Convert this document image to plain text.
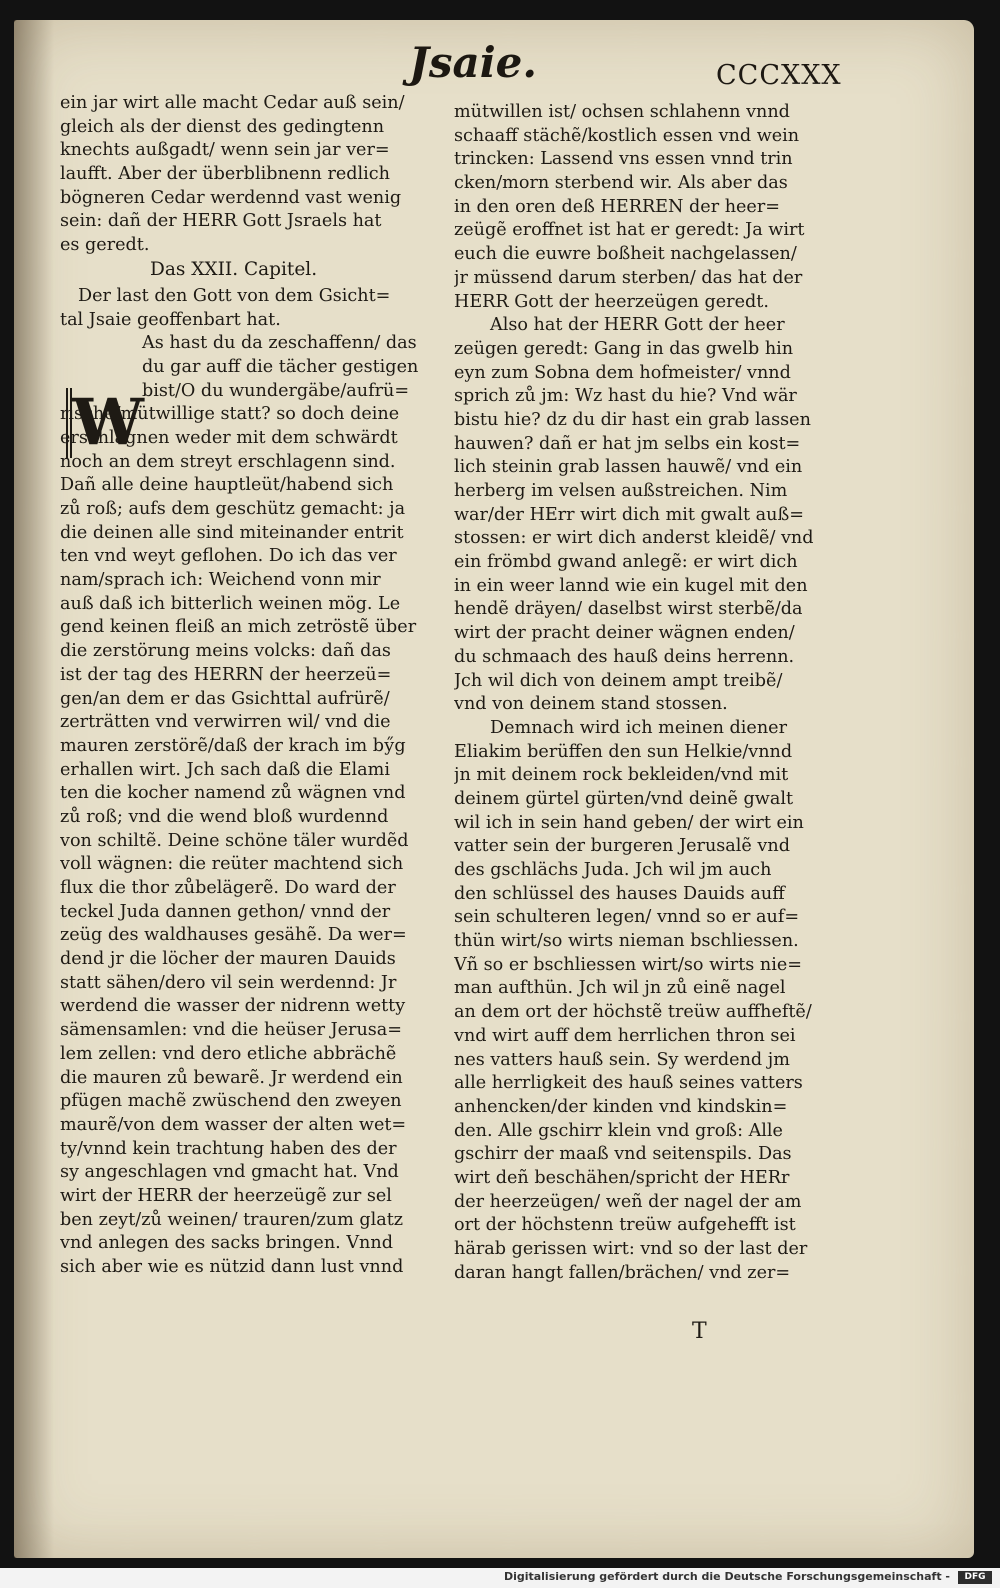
Jsaie.	CCCXXX
ein jar wirt alle macht Cedar auß sein/
gleich als der dienst des gedingtenn
knechts außgadt/ wenn sein jar ver=
laufft. Aber der überblibnenn redlich
bögneren Cedar werdennd vast wenig
sein: dañ der HERR Gott Jsraels hat
es geredt.
Das XXII. Capitel.
Der last den Gott von dem Gsicht=
tal Jsaie geoffenbart hat.
As hast du da zeschaffenn/ das
du gar auff die tächer gestigen
bist/O du wundergäbe/aufrü=
rische/mütwillige statt? so doch deine
erschlagnen weder mit dem schwärdt
noch an dem streyt erschlagenn sind.
Dañ alle deine hauptleüt/habend sich
zů roß; aufs dem geschütz gemacht: ja
die deinen alle sind miteinander entrit
ten vnd weyt geflohen. Do ich das ver
nam/sprach ich: Weichend vonn mir
auß daß ich bitterlich weinen mög. Le
gend keinen fleiß an mich zetröstẽ über
die zerstörung meins volcks: dañ das
ist der tag des HERRN der heerzeü=
gen/an dem er das Gsichttal aufrürẽ/
zerträtten vnd verwirren wil/ vnd die
mauren zerstörẽ/daß der krach im bӳg
erhallen wirt. Jch sach daß die Elami
ten die kocher namend zů wägnen vnd
zů roß; vnd die wend bloß wurdennd
von schiltẽ. Deine schöne täler wurdẽd
voll wägnen: die reüter machtend sich
flux die thor zůbelägerẽ. Do ward der
teckel Juda dannen gethon/ vnnd der
zeüg des waldhauses gesähẽ. Da wer=
dend jr die löcher der mauren Dauids
statt sähen/dero vil sein werdennd: Jr
werdend die wasser der nidrenn wetty
sämensamlen: vnd die heüser Jerusa=
lem zellen: vnd dero etliche abbrächẽ
die mauren zů bewarẽ. Jr werdend ein
pfügen machẽ zwüschend den zweyen
maurẽ/von dem wasser der alten wet=
ty/vnnd kein trachtung haben des der
sy angeschlagen vnd gmacht hat. Vnd
wirt der HERR der heerzeügẽ zur sel
ben zeyt/zů weinen/ trauren/zum glatz
vnd anlegen des sacks bringen. Vnnd
sich aber wie es nützid dann lust vnnd
W
mütwillen ist/ ochsen schlahenn vnnd
schaaff stächẽ/kostlich essen vnd wein
trincken: Lassend vns essen vnnd trin
cken/morn sterbend wir. Als aber das
in den oren deß HERREN der heer=
zeügẽ eroffnet ist hat er geredt: Ja wirt
euch die euwre boßheit nachgelassen/
jr müssend darum sterben/ das hat der
HERR Gott der heerzeügen geredt.
Also hat der HERR Gott der heer
zeügen geredt: Gang in das gwelb hin
eyn zum Sobna dem hofmeister/ vnnd
sprich zů jm: Wz hast du hie? Vnd wär
bistu hie? dz du dir hast ein grab lassen
hauwen? dañ er hat jm selbs ein kost=
lich steinin grab lassen hauwẽ/ vnd ein
herberg im velsen außstreichen. Nim
war/der HErr wirt dich mit gwalt auß=
stossen: er wirt dich anderst kleidẽ/ vnd
ein frömbd gwand anlegẽ: er wirt dich
in ein weer lannd wie ein kugel mit den
hendẽ dräyen/ daselbst wirst sterbẽ/da
wirt der pracht deiner wägnen enden/
du schmaach des hauß deins herrenn.
Jch wil dich von deinem ampt treibẽ/
vnd von deinem stand stossen.
Demnach wird ich meinen diener
Eliakim berüffen den sun Helkie/vnnd
jn mit deinem rock bekleiden/vnd mit
deinem gürtel gürten/vnd deinẽ gwalt
wil ich in sein hand geben/ der wirt ein
vatter sein der burgeren Jerusalẽ vnd
des gschlächs Juda. Jch wil jm auch
den schlüssel des hauses Dauids auff
sein schulteren legen/ vnnd so er auf=
thün wirt/so wirts nieman bschliessen.
Vñ so er bschliessen wirt/so wirts nie=
man aufthün. Jch wil jn zů einẽ nagel
an dem ort der höchstẽ treüw auffheftẽ/
vnd wirt auff dem herrlichen thron sei
nes vatters hauß sein. Sy werdend jm
alle herrligkeit des hauß seines vatters
anhencken/der kinden vnd kindskin=
den. Alle gschirr klein vnd groß: Alle
gschirr der maaß vnd seitenspils. Das
wirt deñ beschähen/spricht der HERr
der heerzeügen/ weñ der nagel der am
ort der höchstenn treüw aufgehefft ist
härab gerissen wirt: vnd so der last der
daran hangt fallen/brächen/ vnd zer=
T
Digitalisierung gefördert durch die Deutsche Forschungsgemeinschaft -	DFG
